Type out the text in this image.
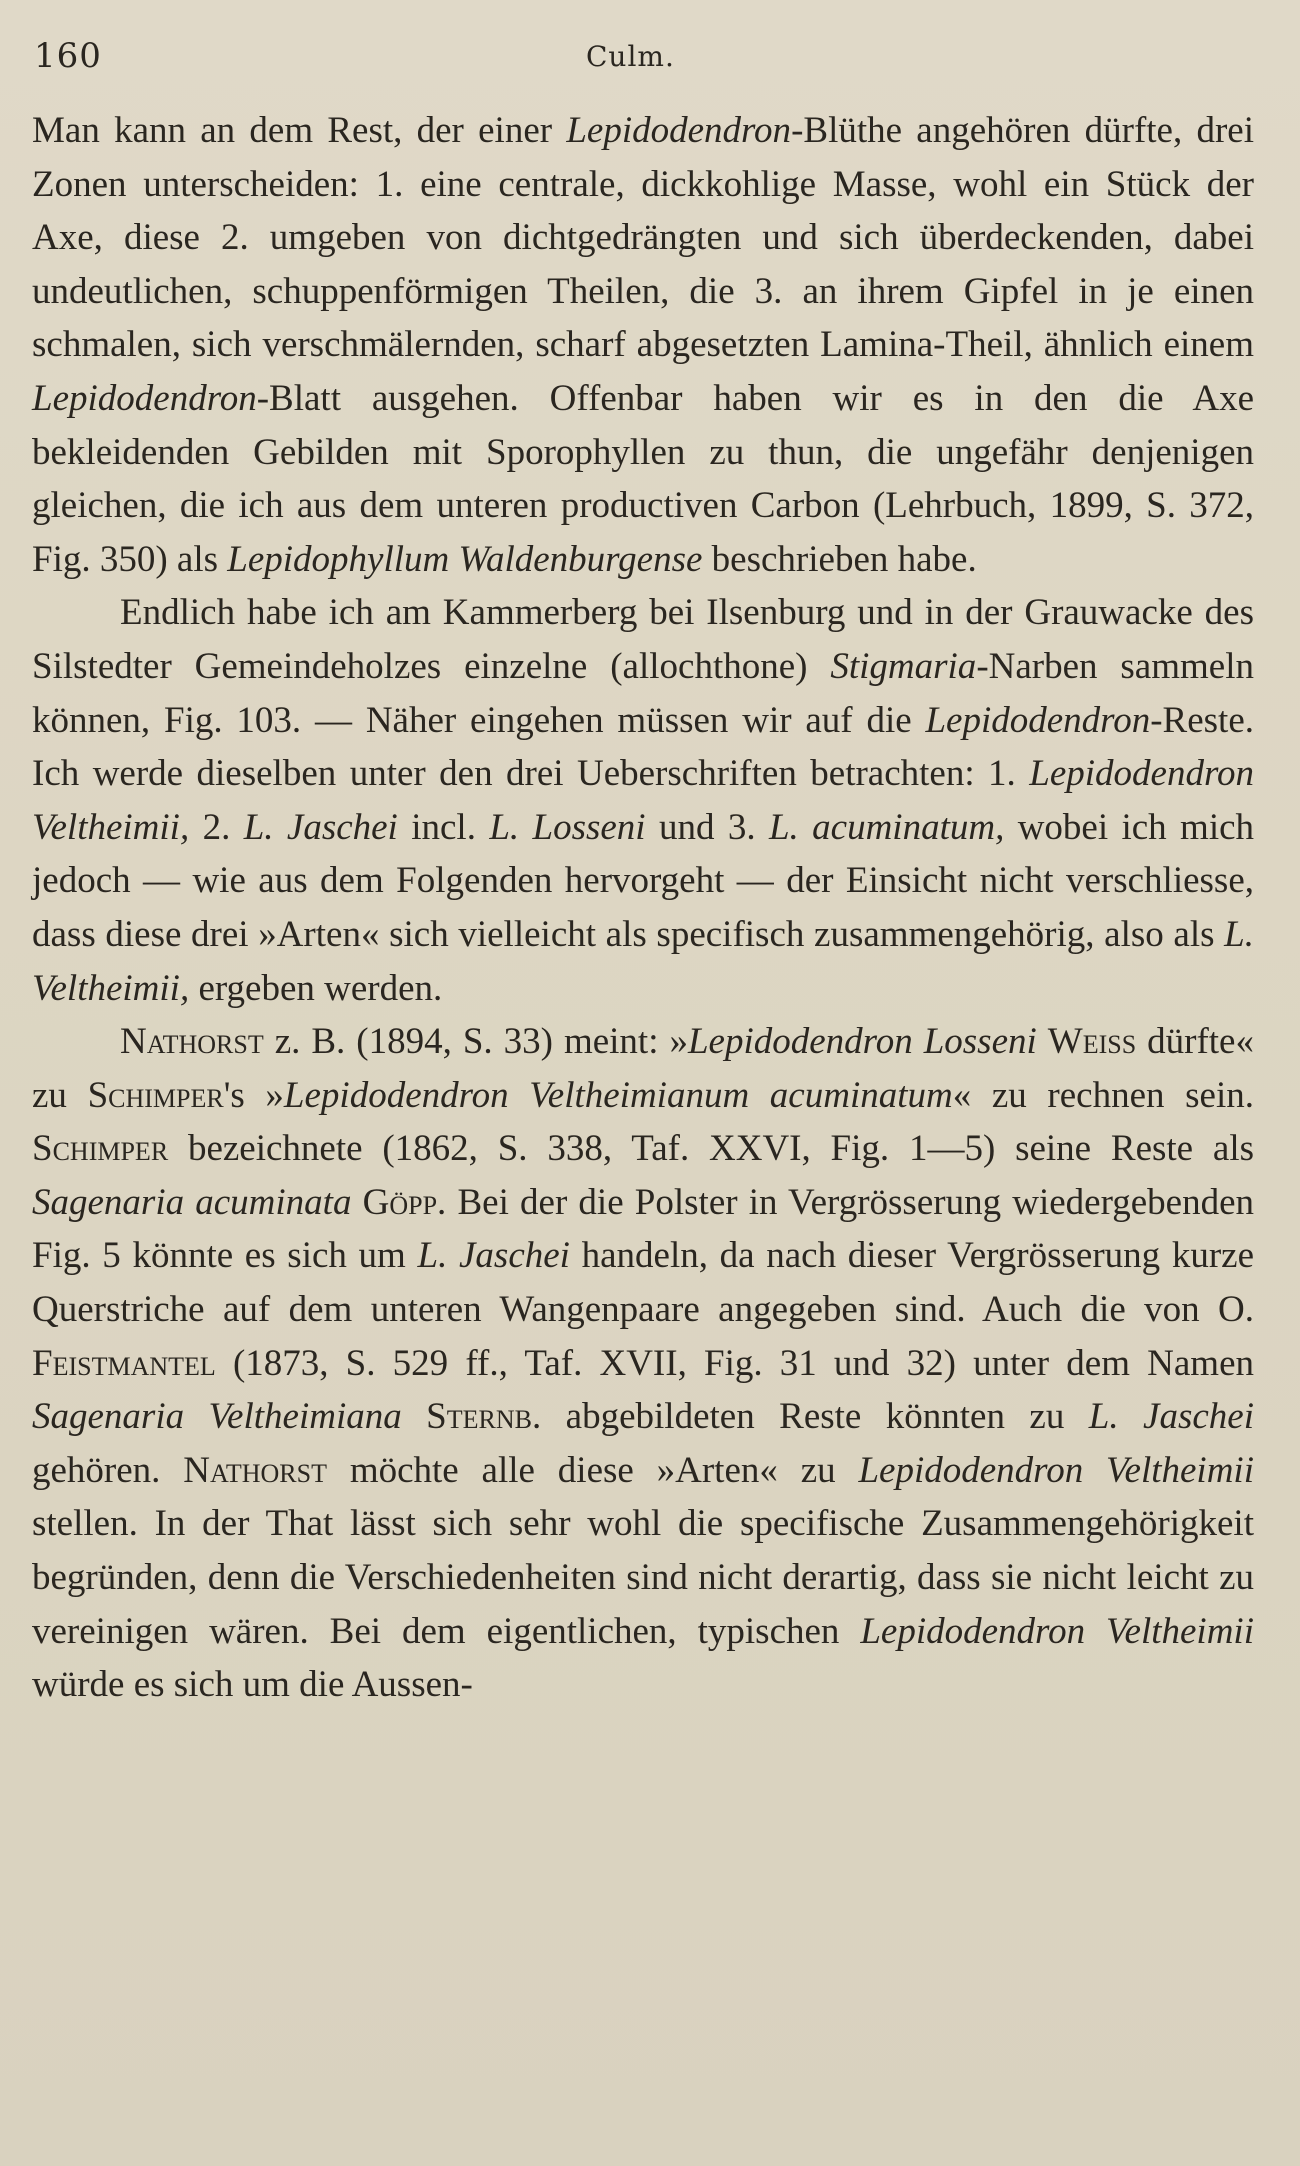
160	Culm.

Man kann an dem Rest, der einer Lepidodendron-Blüthe angehören dürfte, drei Zonen unterscheiden: 1. eine centrale, dickkohlige Masse, wohl ein Stück der Axe, diese 2. umgeben von dichtgedrängten und sich überdeckenden, dabei undeutlichen, schuppenförmigen Theilen, die 3. an ihrem Gipfel in je einen schmalen, sich verschmälernden, scharf abgesetzten Lamina-Theil, ähnlich einem Lepidodendron-Blatt ausgehen. Offenbar haben wir es in den die Axe bekleidenden Gebilden mit Sporophyllen zu thun, die ungefähr denjenigen gleichen, die ich aus dem unteren productiven Carbon (Lehrbuch, 1899, S. 372, Fig. 350) als Lepidophyllum Waldenburgense beschrieben habe.

Endlich habe ich am Kammerberg bei Ilsenburg und in der Grauwacke des Silstedter Gemeindeholzes einzelne (allochthone) Stigmaria-Narben sammeln können, Fig. 103. — Näher eingehen müssen wir auf die Lepidodendron-Reste. Ich werde dieselben unter den drei Ueberschriften betrachten: 1. Lepidodendron Veltheimii, 2. L. Jaschei incl. L. Losseni und 3. L. acuminatum, wobei ich mich jedoch — wie aus dem Folgenden hervorgeht — der Einsicht nicht verschliesse, dass diese drei »Arten« sich vielleicht als specifisch zusammengehörig, also als L. Veltheimii, ergeben werden.

Nathorst z. B. (1894, S. 33) meint: »Lepidodendron Losseni Weiss dürfte« zu Schimper's »Lepidodendron Veltheimianum acuminatum« zu rechnen sein. Schimper bezeichnete (1862, S. 338, Taf. XXVI, Fig. 1—5) seine Reste als Sagenaria acuminata Göpp. Bei der die Polster in Vergrösserung wiedergebenden Fig. 5 könnte es sich um L. Jaschei handeln, da nach dieser Vergrösserung kurze Querstriche auf dem unteren Wangenpaare angegeben sind. Auch die von O. Feistmantel (1873, S. 529 ff., Taf. XVII, Fig. 31 und 32) unter dem Namen Sagenaria Veltheimiana Sternb. abgebildeten Reste könnten zu L. Jaschei gehören. Nathorst möchte alle diese »Arten« zu Lepidodendron Veltheimii stellen. In der That lässt sich sehr wohl die specifische Zusammengehörigkeit begründen, denn die Verschiedenheiten sind nicht derartig, dass sie nicht leicht zu vereinigen wären. Bei dem eigentlichen, typischen Lepidodendron Veltheimii würde es sich um die Aussen-
